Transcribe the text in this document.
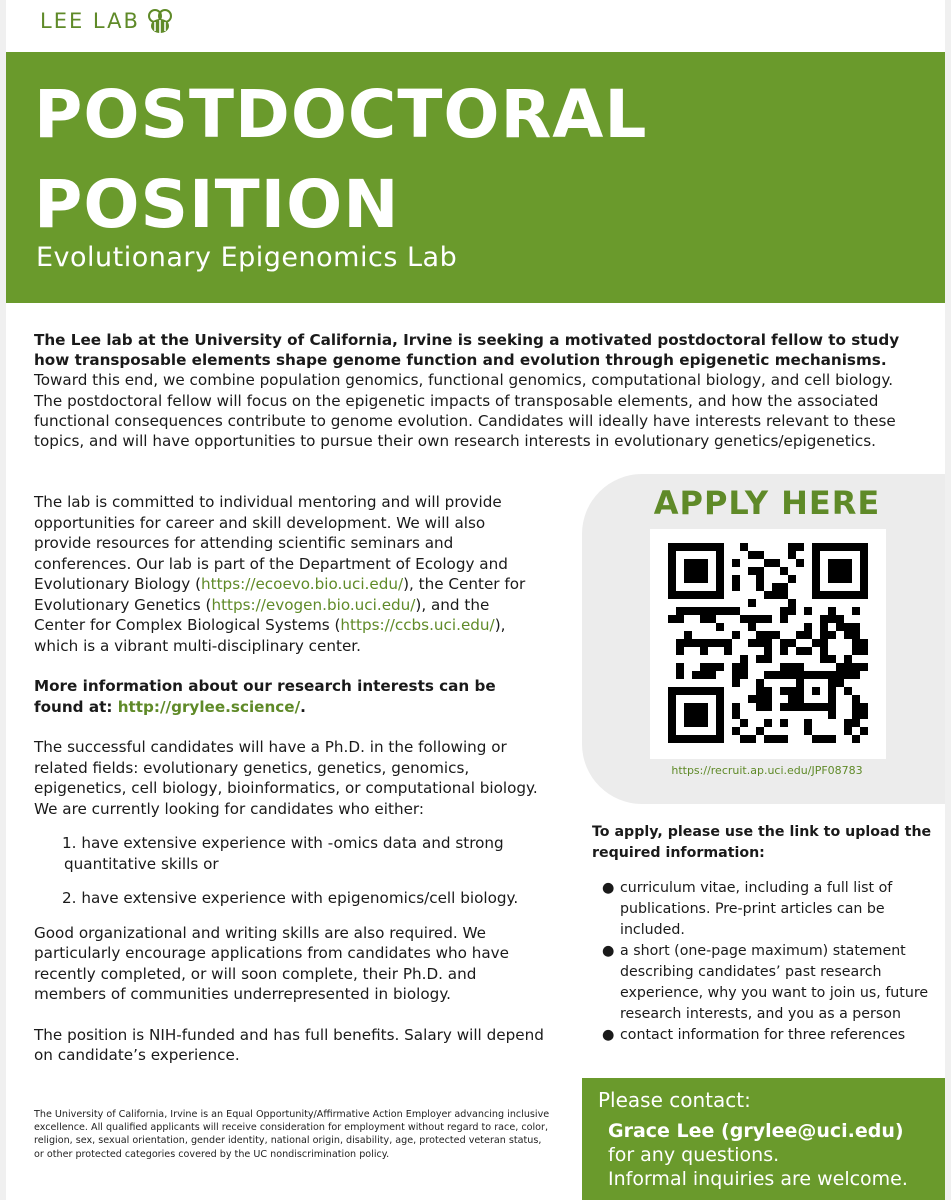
LEE LAB
POSTDOCTORAL
POSITION
Evolutionary Epigenomics Lab
The Lee lab at the University of California, Irvine is seeking a motivated postdoctoral fellow to study how transposable elements shape genome function and evolution through epigenetic mechanisms. Toward this end, we combine population genomics, functional genomics, computational biology, and cell biology. The postdoctoral fellow will focus on the epigenetic impacts of transposable elements, and how the associated functional consequences contribute to genome evolution. Candidates will ideally have interests relevant to these topics, and will have opportunities to pursue their own research interests in evolutionary genetics/epigenetics.

The lab is committed to individual mentoring and will provide opportunities for career and skill development. We will also provide resources for attending scientific seminars and conferences. Our lab is part of the Department of Ecology and Evolutionary Biology (https://ecoevo.bio.uci.edu/), the Center for Evolutionary Genetics (https://evogen.bio.uci.edu/), and the Center for Complex Biological Systems (https://ccbs.uci.edu/), which is a vibrant multi-disciplinary center.

More information about our research interests can be found at: http://grylee.science/.

The successful candidates will have a Ph.D. in the following or related fields: evolutionary genetics, genetics, genomics, epigenetics, cell biology, bioinformatics, or computational biology. We are currently looking for candidates who either:

1. have extensive experience with -omics data and strong quantitative skills or
2. have extensive experience with epigenomics/cell biology.

Good organizational and writing skills are also required. We particularly encourage applications from candidates who have recently completed, or will soon complete, their Ph.D. and members of communities underrepresented in biology.

The position is NIH-funded and has full benefits. Salary will depend on candidate’s experience.

The University of California, Irvine is an Equal Opportunity/Affirmative Action Employer advancing inclusive excellence. All qualified applicants will receive consideration for employment without regard to race, color, religion, sex, sexual orientation, gender identity, national origin, disability, age, protected veteran status, or other protected categories covered by the UC nondiscrimination policy.
APPLY HERE
https://recruit.ap.uci.edu/JPF08783
To apply, please use the link to upload the required information:
● curriculum vitae, including a full list of publications. Pre-print articles can be included.
● a short (one-page maximum) statement describing candidates’ past research experience, why you want to join us, future research interests, and you as a person
● contact information for three references
Please contact:
Grace Lee (grylee@uci.edu)
for any questions.
Informal inquiries are welcome.
